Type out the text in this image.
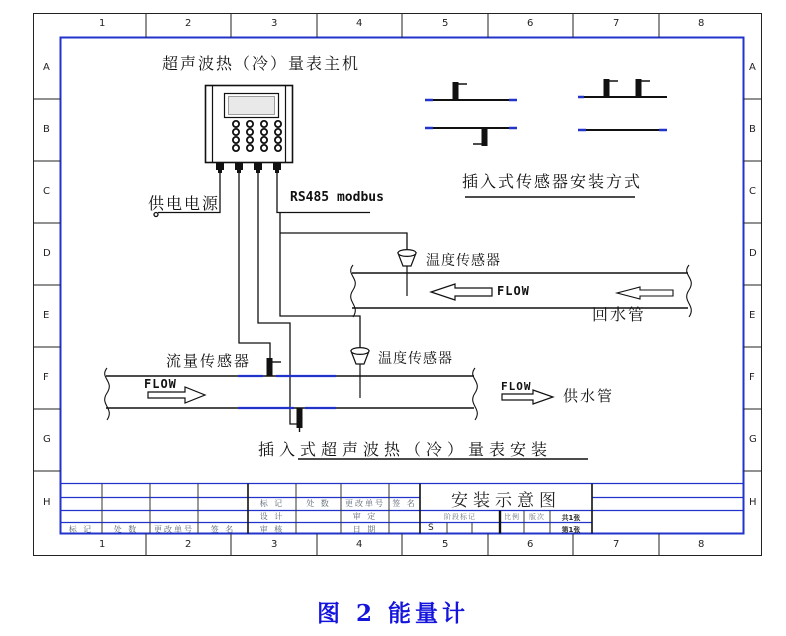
1	2	3	4	5	6	7	8
1	2	3	4	5	6	7	8
A
B
C
D
E
F
G
H
A
B
C
D
E
F
G
H
超声波热（冷）量表主机
供电电源	RS485 modbus
插入式传感器安装方式
温度传感器
温度传感器
流量传感器
FLOW
FLOW	FLOW
回水管
供水管
插入式超声波热（冷）量表安装
安装示意图
标 记	处 数	更改单号	签 名
标 记	处 数	更改单号 签 名
设 计	审 定
审 核	日 期
阶段标记	比例	版次	共1张
第1张
S
图 2 能量计
